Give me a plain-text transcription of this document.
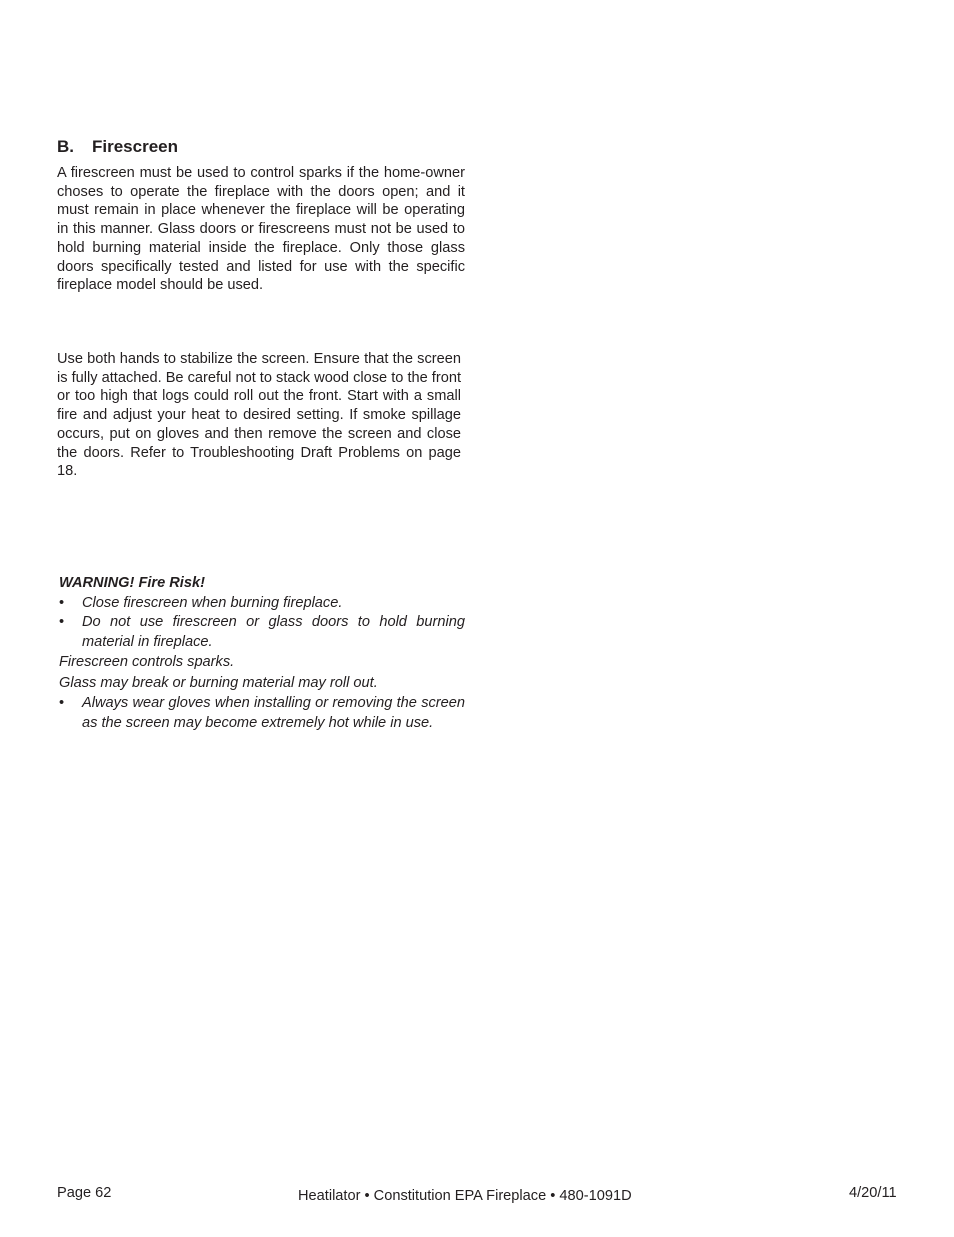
B. Firescreen
A firescreen must be used to control sparks if the home-owner choses to operate the fireplace with the doors open; and it must remain in place whenever the fireplace will be operating in this manner. Glass doors or firescreens must not be used to hold burning material inside the fireplace. Only those glass doors specifically tested and listed for use with the specific fireplace model should be used.
Use both hands to stabilize the screen. Ensure that the screen is fully attached. Be careful not to stack wood close to the front or too high that logs could roll out the front. Start with a small fire and adjust your heat to desired setting. If smoke spillage occurs, put on gloves and then remove the screen and close the doors. Refer to Troubleshooting Draft Problems on page 18.
WARNING! Fire Risk!
• Close firescreen when burning fireplace.
• Do not use firescreen or glass doors to hold burning material in fireplace.
Firescreen controls sparks.
Glass may break or burning material may roll out.
• Always wear gloves when installing or removing the screen as the screen may become extremely hot while in use.
Page 62	Heatilator • Constitution EPA Fireplace • 480-1091D	4/20/11
